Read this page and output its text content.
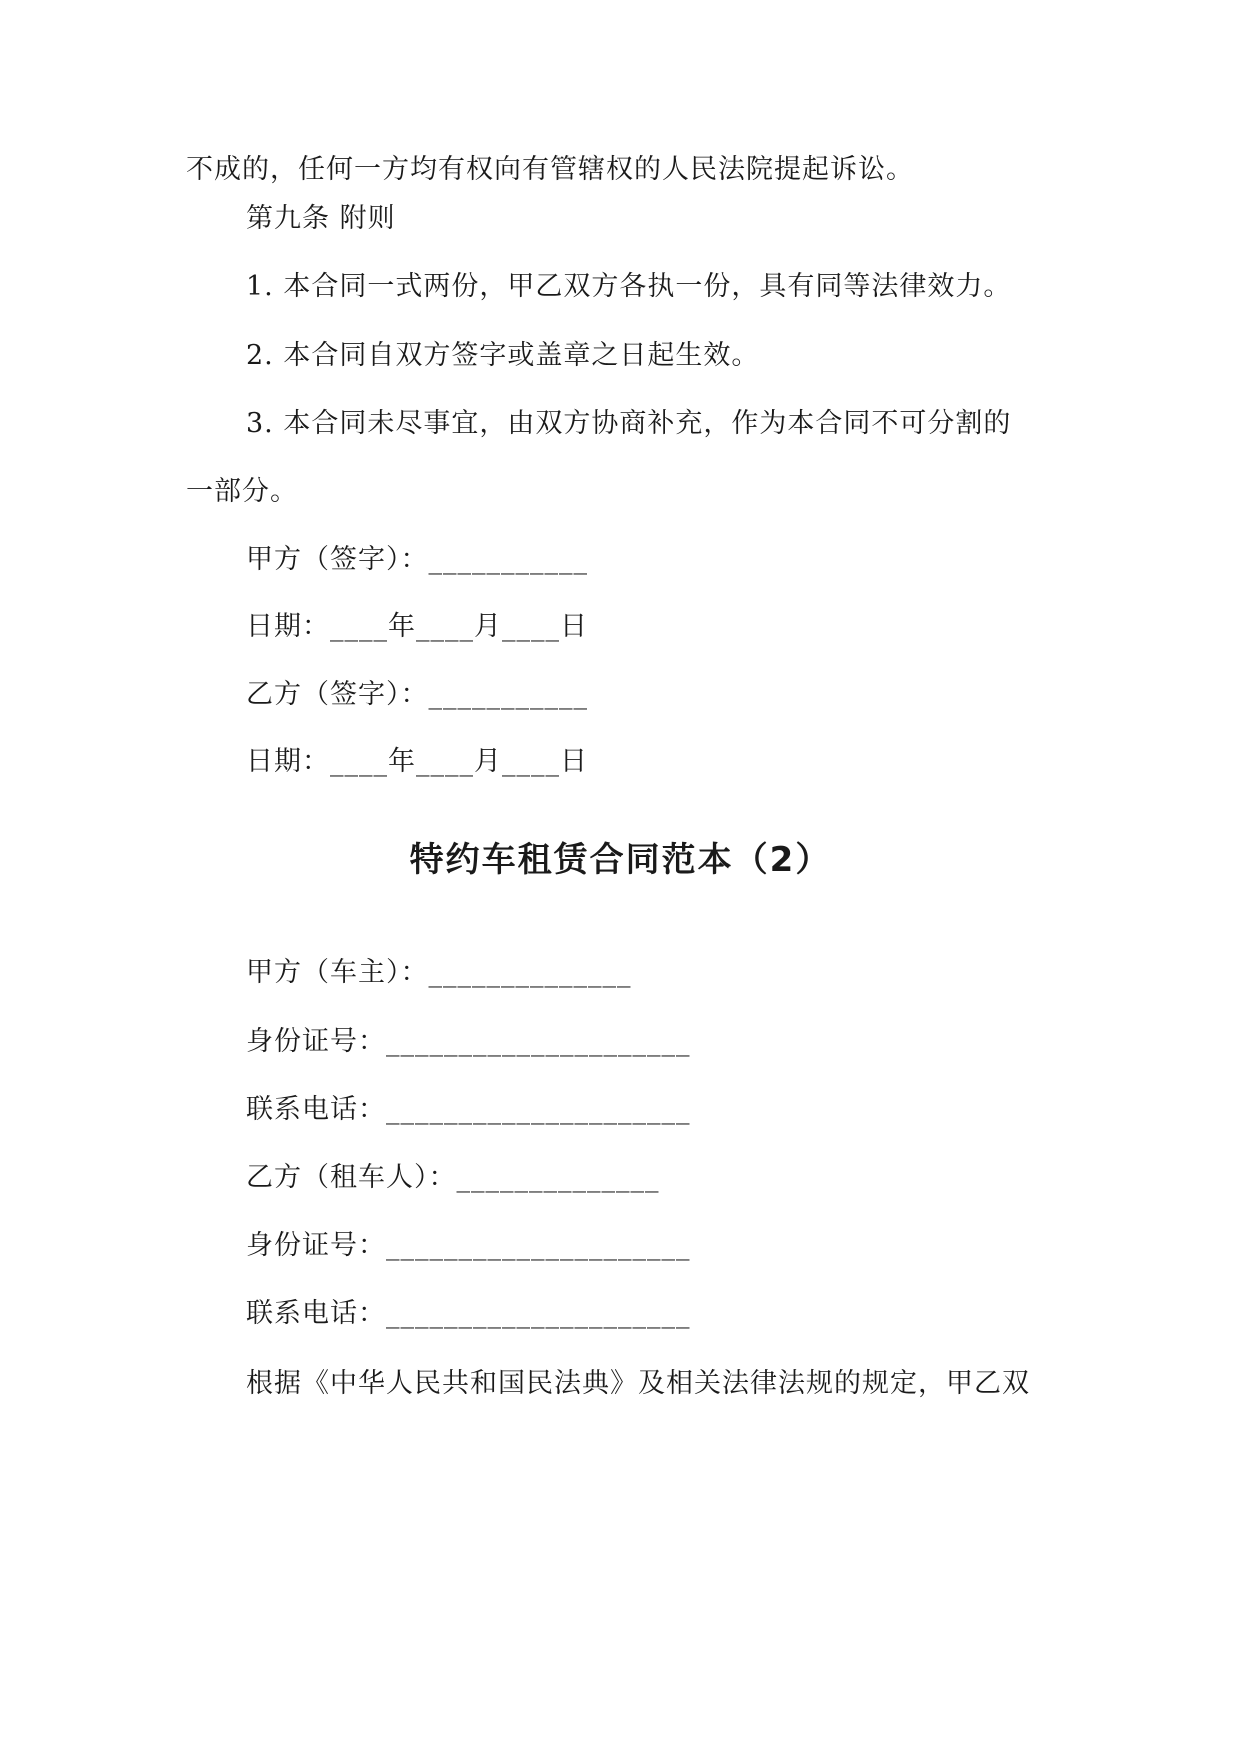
不成的，任何一方均有权向有管辖权的人民法院提起诉讼。
第九条 附则
1. 本合同一式两份，甲乙双方各执一份，具有同等法律效力。
2. 本合同自双方签字或盖章之日起生效。
3. 本合同未尽事宜，由双方协商补充，作为本合同不可分割的
一部分。
甲方（签字）：___________
日期：____年____月____日
乙方（签字）：___________
日期：____年____月____日
特约车租赁合同范本（2）
甲方（车主）：______________
身份证号：_____________________
联系电话：_____________________
乙方（租车人）：______________
身份证号：_____________________
联系电话：_____________________
根据《中华人民共和国民法典》及相关法律法规的规定，甲乙双
